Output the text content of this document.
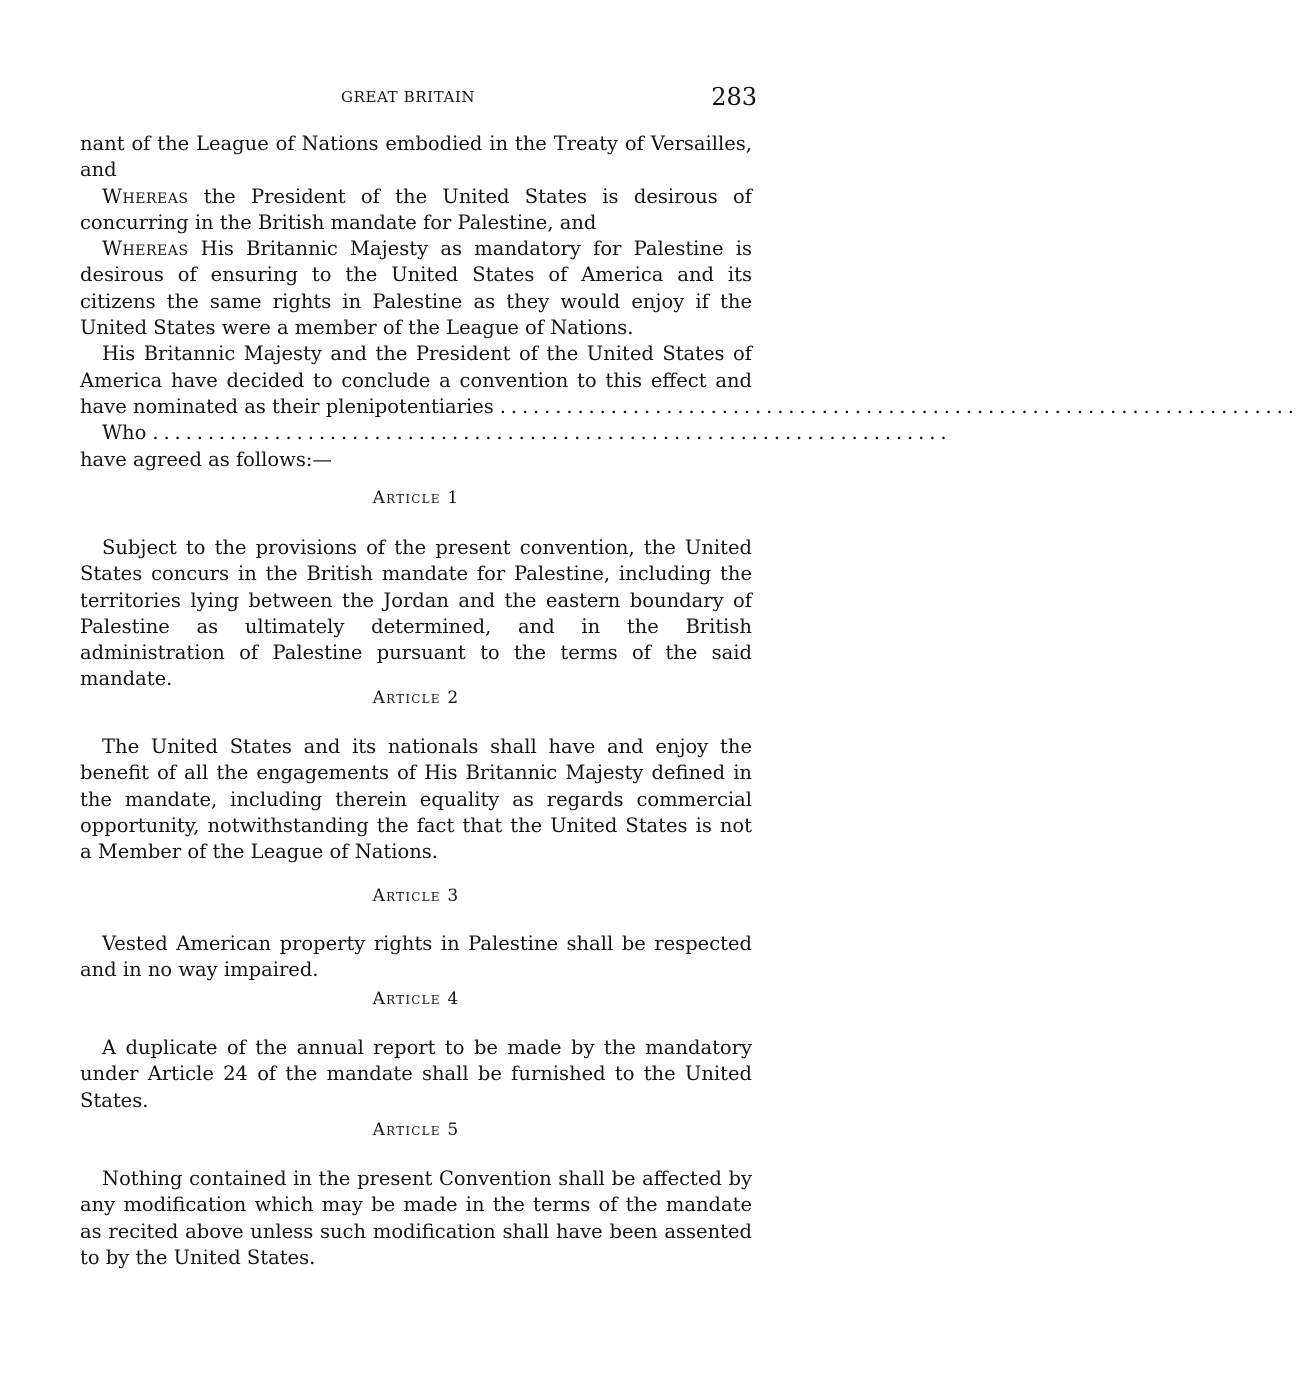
GREAT BRITAIN	283

nant of the League of Nations embodied in the Treaty of Versailles, and

Whereas the President of the United States is desirous of concurring in the British mandate for Palestine, and

Whereas His Britannic Majesty as mandatory for Palestine is desirous of ensuring to the United States of America and its citizens the same rights in Palestine as they would enjoy if the United States were a member of the League of Nations.

His Britannic Majesty and the President of the United States of America have decided to conclude a convention to this effect and

have nominated as their plenipotentiaries ........................................................................
Who ........................................................................

have agreed as follows:—

Article 1

Subject to the provisions of the present convention, the United States concurs in the British mandate for Palestine, including the territories lying between the Jordan and the eastern boundary of Palestine as ultimately determined, and in the British administration of Palestine pursuant to the terms of the said mandate.

Article 2

The United States and its nationals shall have and enjoy the benefit of all the engagements of His Britannic Majesty defined in the mandate, including therein equality as regards commercial opportunity, notwithstanding the fact that the United States is not a Member of the League of Nations.

Article 3

Vested American property rights in Palestine shall be respected and in no way impaired.

Article 4

A duplicate of the annual report to be made by the mandatory under Article 24 of the mandate shall be furnished to the United States.

Article 5

Nothing contained in the present Convention shall be affected by any modification which may be made in the terms of the mandate as recited above unless such modification shall have been assented to by the United States.
